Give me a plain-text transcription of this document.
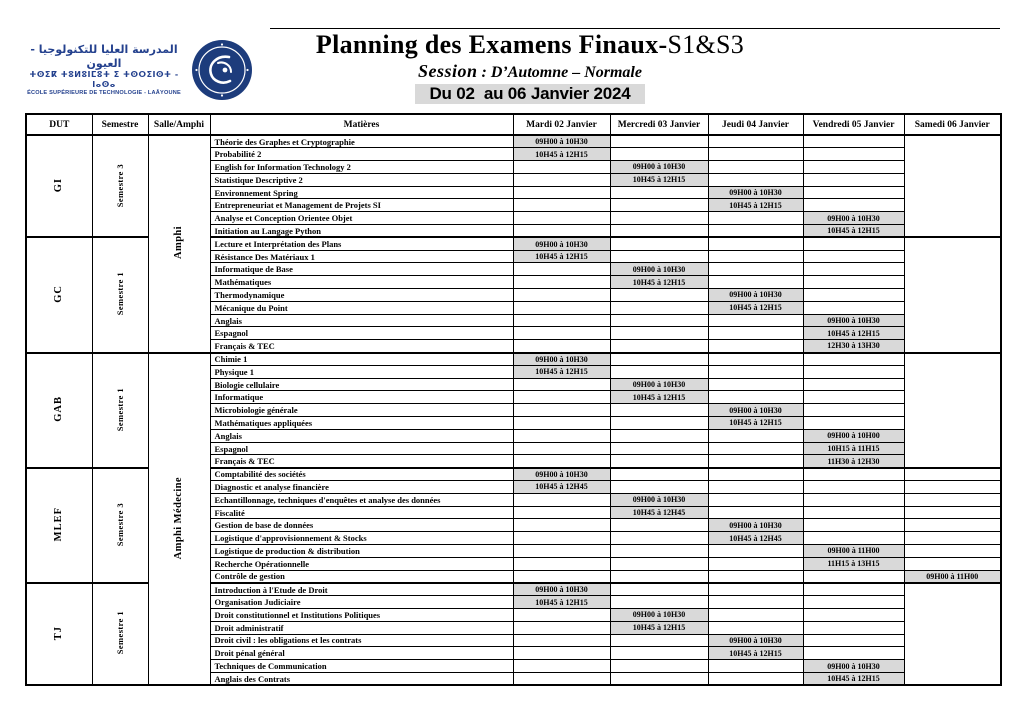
المدرسة العليا للتكنولوجيا - العيون
ⵜⵙⵉⴽ ⵜⵓⵍⵓⵏⵎⵓⵜ ⵉ ⵜⵙⵔⵉⵏⵙⵜ - ⵏⴰⵙⴰ
ÉCOLE SUPÉRIEURE DE TECHNOLOGIE - LAÂYOUNE
Planning des Examens Finaux-S1&S3
Session : D’Automne – Normale
Du 02  au 06 Janvier 2024
DUT	Semestre	Salle/Amphi	Matières	Mardi 02 Janvier	Mercredi 03 Janvier	Jeudi 04 Janvier	Vendredi 05 Janvier	Samedi 06 Janvier
GI	Semestre 3	Amphi	Théorie des Graphes et Cryptographie	09H00 à 10H30				
			Probabilité 2	10H45 à 12H15				
			English for Information Technology 2		09H00 à 10H30			
			Statistique Descriptive 2		10H45 à 12H15			
			Environnement Spring			09H00 à 10H30		
			Entrepreneuriat et Management de Projets SI			10H45 à 12H15		
			Analyse et Conception Orientee Objet				09H00 à 10H30	
			Initiation au Langage Python				10H45 à 12H15	
GC	Semestre 1		Lecture et Interprétation des Plans	09H00 à 10H30				
			Résistance Des Matériaux 1	10H45 à 12H15				
			Informatique de Base		09H00 à 10H30			
			Mathématiques		10H45 à 12H15			
			Thermodynamique			09H00 à 10H30		
			Mécanique du Point			10H45 à 12H15		
			Anglais				09H00 à 10H30	
			Espagnol				10H45 à 12H15	
			Français & TEC				12H30 à 13H30	
GAB	Semestre 1	Amphi Médecine	Chimie 1	09H00 à 10H30				
			Physique 1	10H45 à 12H15				
			Biologie cellulaire		09H00 à 10H30			
			Informatique		10H45 à 12H15			
			Microbiologie générale			09H00 à 10H30		
			Mathématiques appliquées			10H45 à 12H15		
			Anglais				09H00 à 10H00	
			Espagnol				10H15 à 11H15	
			Français & TEC				11H30 à 12H30	
MLEF	Semestre 3		Comptabilité des sociétés	09H00 à 10H30				
			Diagnostic et analyse financière	10H45 à 12H45				
			Echantillonnage, techniques d'enquêtes et analyse des données		09H00 à 10H30			
			Fiscalité		10H45 à 12H45			
			Gestion de base de données			09H00 à 10H30		
			Logistique d'approvisionnement & Stocks			10H45 à 12H45		
			Logistique de production & distribution				09H00 à 11H00	
			Recherche Opérationnelle				11H15 à 13H15	
			Contrôle de gestion					09H00 à 11H00
TJ	Semestre 1		Introduction à l'Etude de Droit	09H00 à 10H30				
			Organisation Judiciaire	10H45 à 12H15				
			Droit constitutionnel et Institutions Politiques		09H00 à 10H30			
			Droit administratif		10H45 à 12H15			
			Droit civil : les obligations et les contrats			09H00 à 10H30		
			Droit pénal général			10H45 à 12H15		
			Techniques de Communication				09H00 à 10H30	
			Anglais des Contrats				10H45 à 12H15	
